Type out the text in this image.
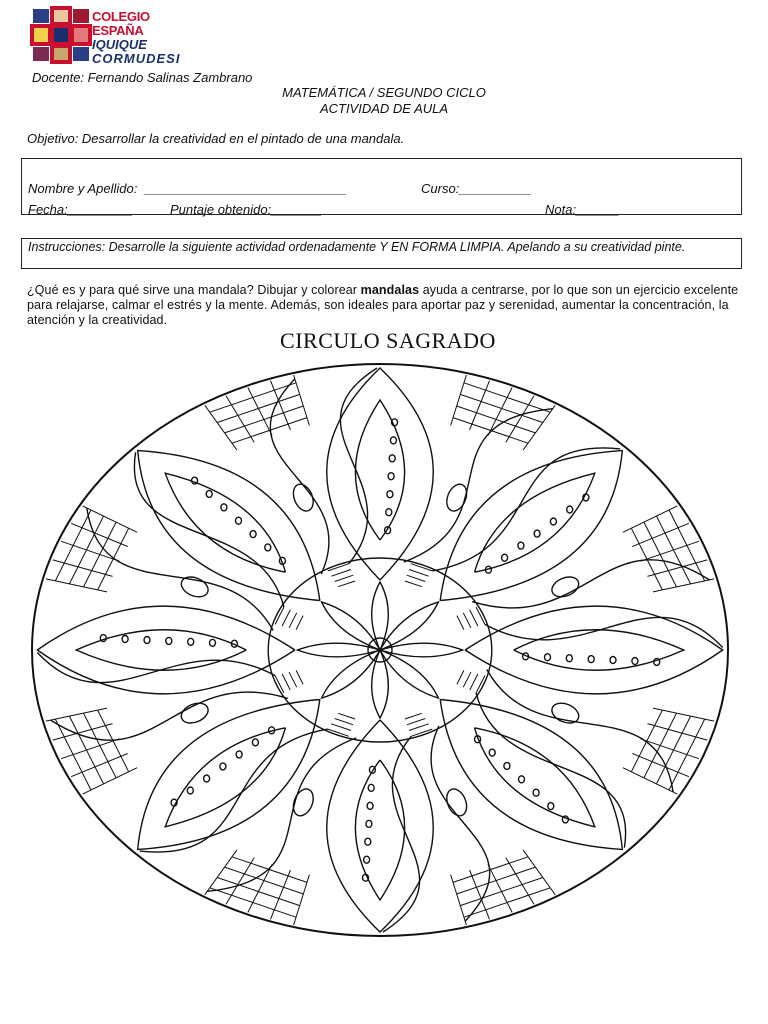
COLEGIO ESPAÑA
IQUIQUE
CORMUDESI
Docente: Fernando Salinas Zambrano
MATEMÁTICA / SEGUNDO CICLO
ACTIVIDAD DE AULA
Objetivo: Desarrollar la creatividad en el pintado de una mandala.
Nombre y Apellido:  ____________________________	Curso:__________
Fecha:_________	Puntaje obtenido:_______	Nota:______
Instrucciones: Desarrolle la siguiente actividad ordenadamente Y EN FORMA LIMPIA. Apelando a su creatividad pinte.
¿Qué es y para qué sirve una mandala? Dibujar y colorear mandalas ayuda a centrarse, por lo que son un ejercicio excelente para relajarse, calmar el estrés y la mente. Además, son ideales para aportar paz y serenidad, aumentar la concentración, la atención y la creatividad.
CIRCULO SAGRADO
